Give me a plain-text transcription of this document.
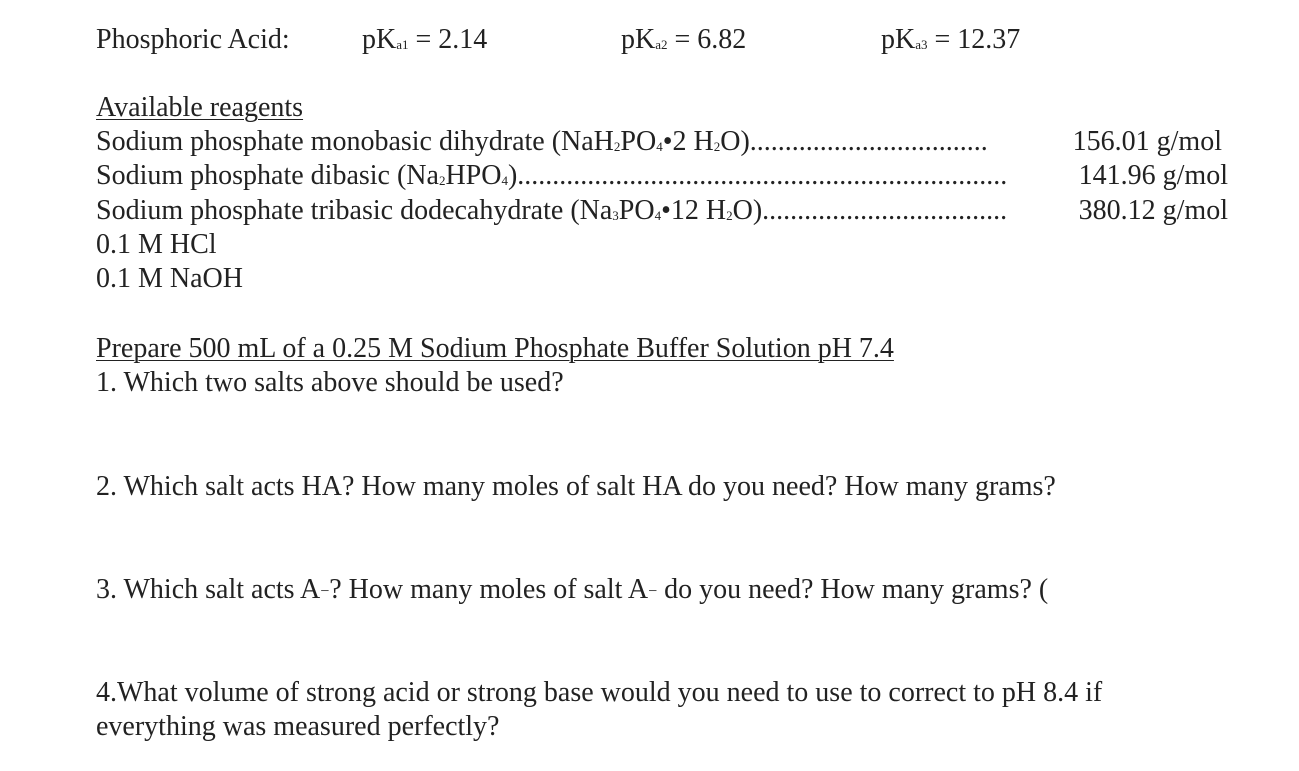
Phosphoric Acid:	$pK_{a1} = 2.14$	$pK_{a2} = 6.82$	$pK_{a3} = 12.37$
Available reagents
Sodium phosphate monobasic dihydrate ($NaH_2PO_4•2$ $H_2O$)..................................	156.01 g/mol
Sodium phosphate dibasic $(Na_2HPO_4)$......................................................................	141.96 g/mol
Sodium phosphate tribasic dodecahydrate ($Na_3PO_4•12$ $H_2O$)...................................	380.12 g/mol
0.1 M HCl
0.1 M NaOH
Prepare 500 mL of a 0.25 M Sodium Phosphate Buffer Solution pH 7.4
1. Which two salts above should be used?
2. Which salt acts HA? How many moles of salt HA do you need? How many grams?
3. Which salt acts A−? How many moles of salt A− do you need? How many grams? (
4.What volume of strong acid or strong base would you need to use to correct to pH 8.4 if
everything was measured perfectly?
